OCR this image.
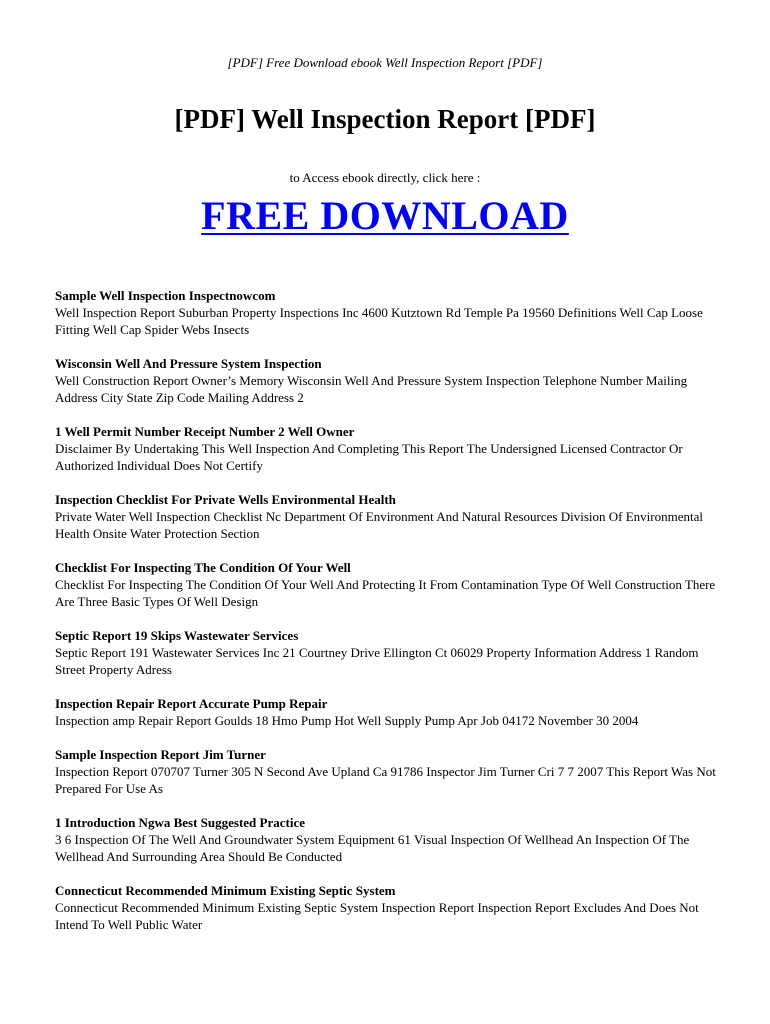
[PDF] Free Download ebook Well Inspection Report [PDF]
[PDF] Well Inspection Report [PDF]
to Access ebook directly, click here :
FREE DOWNLOAD
Sample Well Inspection Inspectnowcom
Well Inspection Report Suburban Property Inspections Inc 4600 Kutztown Rd Temple Pa 19560 Definitions Well Cap Loose Fitting Well Cap Spider Webs Insects
Wisconsin Well And Pressure System Inspection
Well Construction Report Owner’s Memory Wisconsin Well And Pressure System Inspection Telephone Number Mailing Address City State Zip Code Mailing Address 2
1 Well Permit Number Receipt Number 2 Well Owner
Disclaimer By Undertaking This Well Inspection And Completing This Report The Undersigned Licensed Contractor Or Authorized Individual Does Not Certify
Inspection Checklist For Private Wells Environmental Health
Private Water Well Inspection Checklist Nc Department Of Environment And Natural Resources Division Of Environmental Health Onsite Water Protection Section
Checklist For Inspecting The Condition Of Your Well
Checklist For Inspecting The Condition Of Your Well And Protecting It From Contamination Type Of Well Construction There Are Three Basic Types Of Well Design
Septic Report 19 Skips Wastewater Services
Septic Report 191 Wastewater Services Inc 21 Courtney Drive Ellington Ct 06029 Property Information Address 1 Random Street Property Adress
Inspection Repair Report Accurate Pump Repair
Inspection amp Repair Report Goulds 18 Hmo Pump Hot Well Supply Pump Apr Job 04172 November 30 2004
Sample Inspection Report Jim Turner
Inspection Report 070707 Turner 305 N Second Ave Upland Ca 91786 Inspector Jim Turner Cri 7 7 2007 This Report Was Not Prepared For Use As
1 Introduction Ngwa Best Suggested Practice
3 6 Inspection Of The Well And Groundwater System Equipment 61 Visual Inspection Of Wellhead An Inspection Of The Wellhead And Surrounding Area Should Be Conducted
Connecticut Recommended Minimum Existing Septic System
Connecticut Recommended Minimum Existing Septic System Inspection Report Inspection Report Excludes And Does Not Intend To Well Public Water
